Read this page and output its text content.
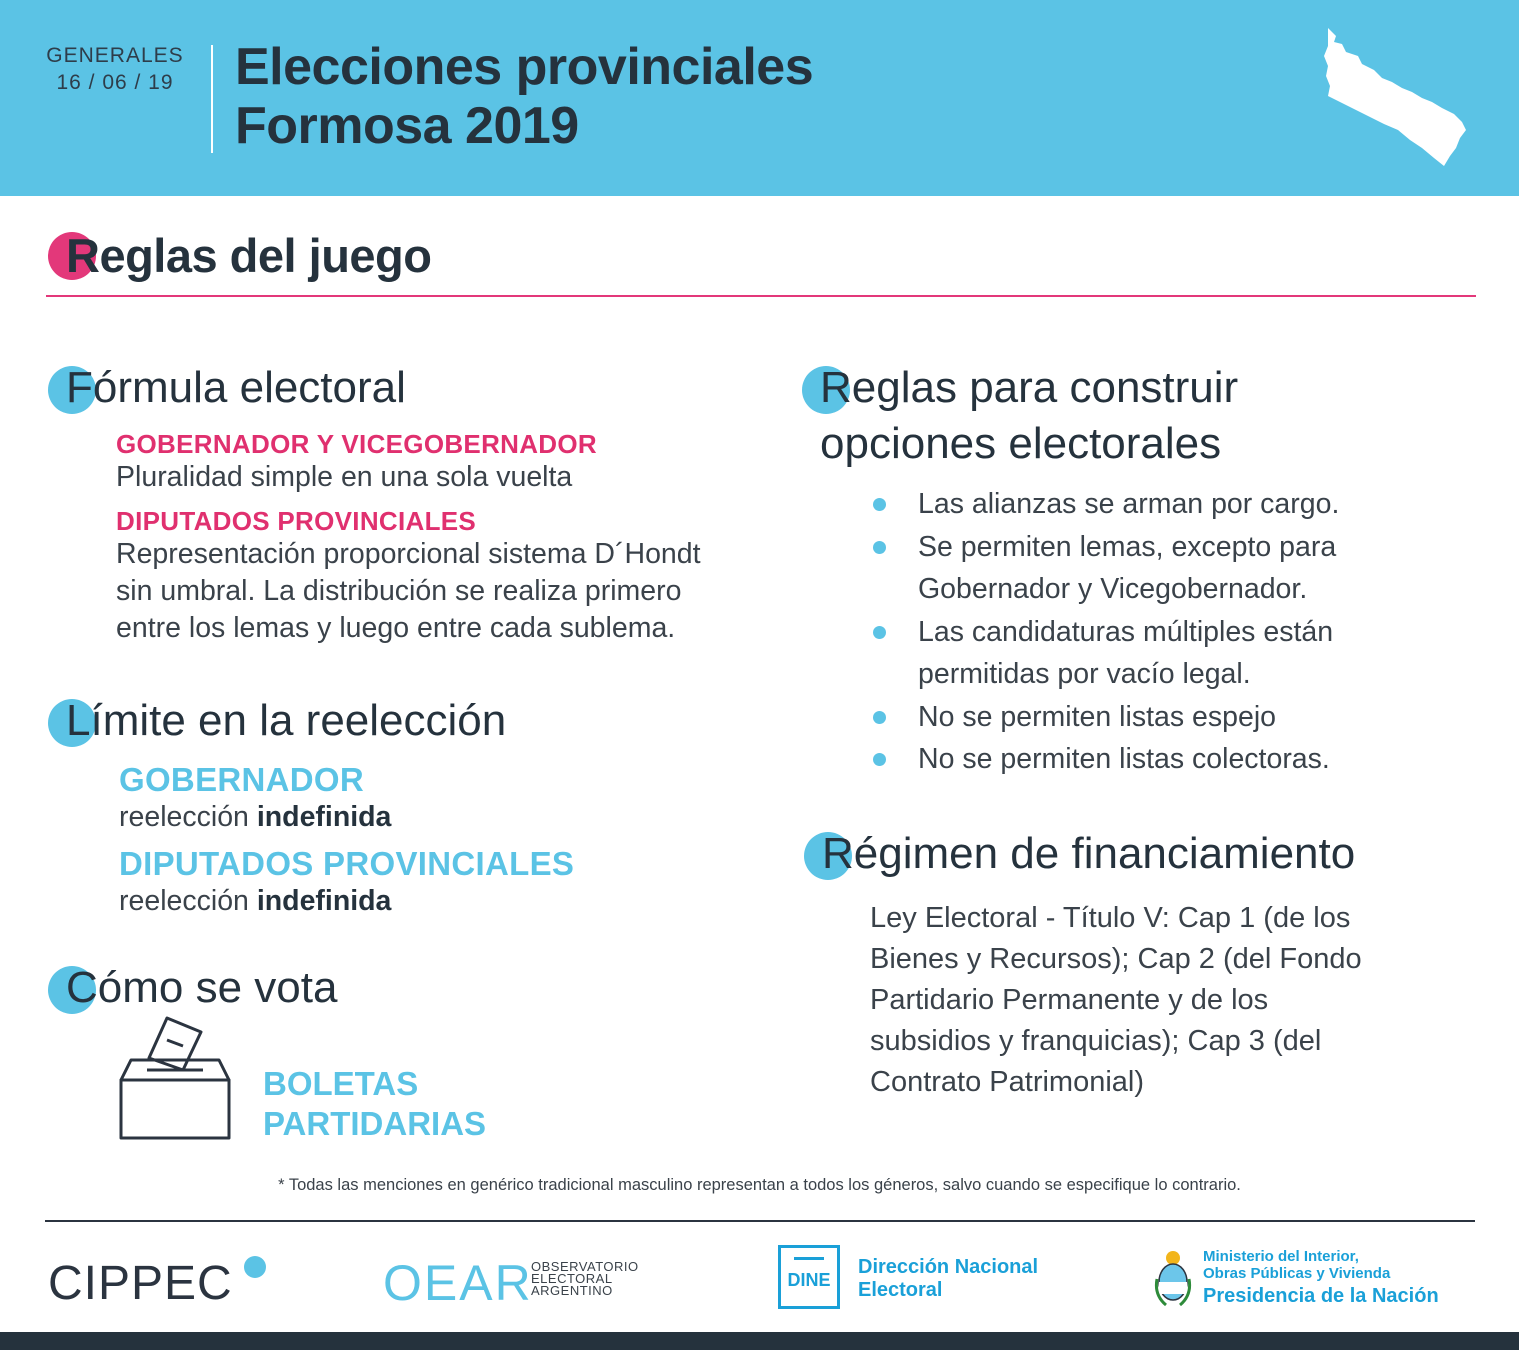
GENERALES
16 / 06 / 19	Elecciones provinciales
Formosa 2019
Reglas del juego
Fórmula electoral
GOBERNADOR Y VICEGOBERNADOR
Pluralidad simple en una sola vuelta
DIPUTADOS PROVINCIALES
Representación proporcional sistema D´Hondt
sin umbral. La distribución se realiza primero
entre los lemas y luego entre cada sublema.
Límite en la reelección
GOBERNADOR
reelección indefinida
DIPUTADOS PROVINCIALES
reelección indefinida
Cómo se vota
BOLETAS
PARTIDARIAS
Reglas para construir
opciones electorales
Las alianzas se arman por cargo.
Se permiten lemas, excepto para
Gobernador y Vicegobernador.
Las candidaturas múltiples están
permitidas por vacío legal.
No se permiten listas espejo
No se permiten listas colectoras.
Régimen de financiamiento
Ley Electoral - Título V: Cap 1 (de los
Bienes y Recursos); Cap 2 (del Fondo
Partidario Permanente y de los
subsidios y franquicias); Cap 3 (del
Contrato Patrimonial)
* Todas las menciones en genérico tradicional masculino representan a todos los géneros, salvo cuando se especifique lo contrario.
CIPPEC	OEAR
OBSERVATORIO
ELECTORAL
ARGENTINO
DINE
Dirección Nacional
Electoral
Ministerio del Interior,
Obras Públicas y Vivienda
Presidencia de la Nación
